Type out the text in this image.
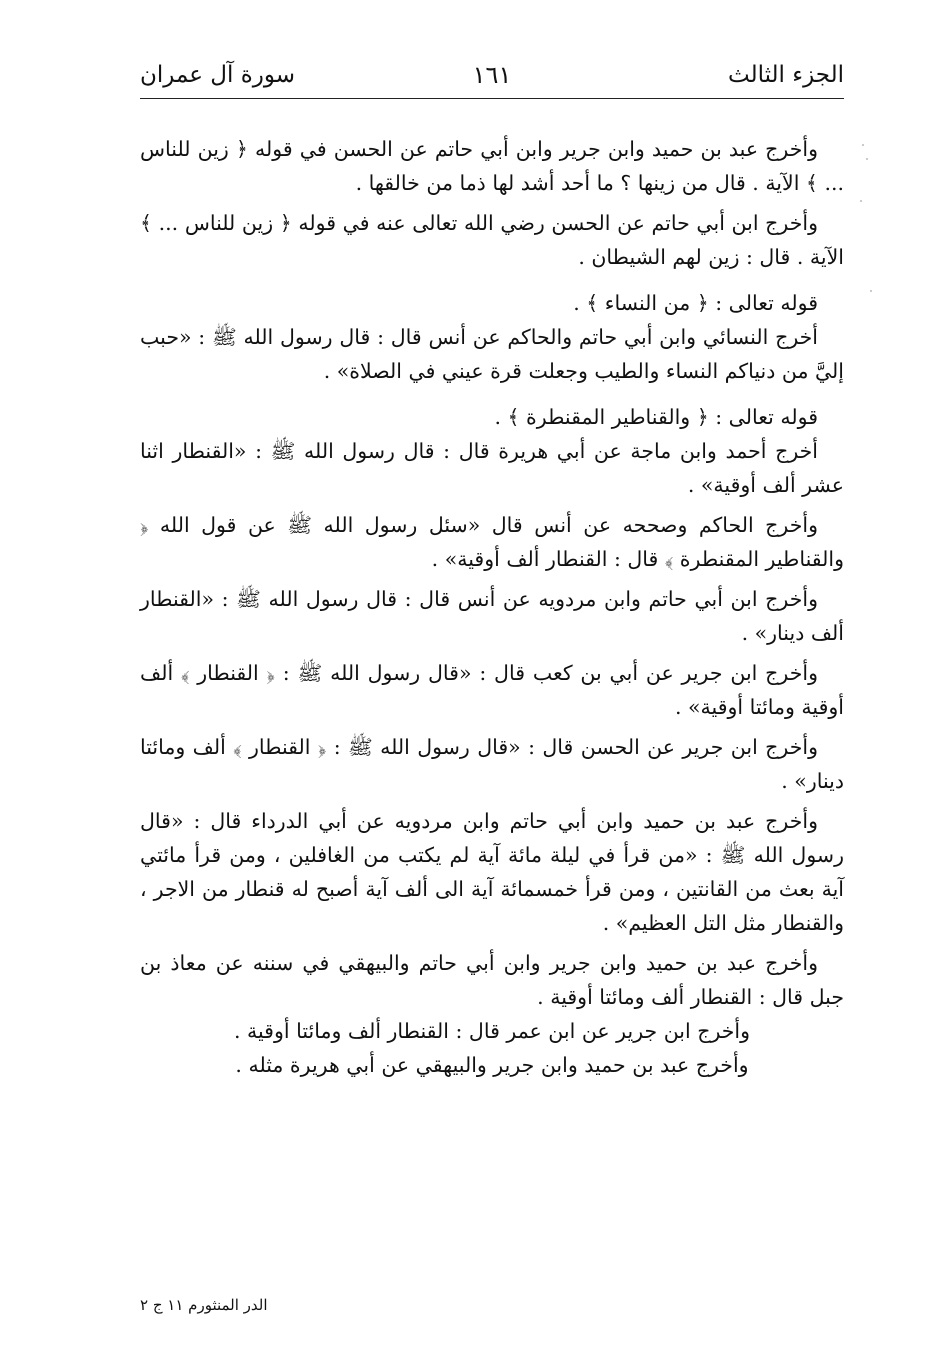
الجزء الثالث
١٦١
سورة آل عمران

وأخرج عبد بن حميد وابن جرير وابن أبي حاتم عن الحسن في قوله ﴿ زين للناس ... ﴾ الآية . قال من زينها ؟ ما أحد أشد لها ذما من خالقها .

وأخرج ابن أبي حاتم عن الحسن رضي الله تعالى عنه في قوله ﴿ زين للناس ... ﴾ الآية . قال : زين لهم الشيطان .

قوله تعالى : ﴿ من النساء ﴾ .

أخرج النسائي وابن أبي حاتم والحاكم عن أنس قال : قال رسول الله ﷺ : «حبب إليَّ من دنياكم النساء والطيب وجعلت قرة عيني في الصلاة» .

قوله تعالى : ﴿ والقناطير المقنطرة ﴾ .

أخرج أحمد وابن ماجة عن أبي هريرة قال : قال رسول الله ﷺ : «القنطار اثنا عشر ألف أوقية» .

وأخرج الحاكم وصححه عن أنس قال «سئل رسول الله ﷺ عن قول الله ﴿ والقناطير المقنطرة ﴾ قال : القنطار ألف أوقية» .

وأخرج ابن أبي حاتم وابن مردويه عن أنس قال : قال رسول الله ﷺ : «القنطار ألف دينار» .

وأخرج ابن جرير عن أبي بن كعب قال : «قال رسول الله ﷺ : ﴿ القنطار ﴾ ألف أوقية ومائتا أوقية» .

وأخرج ابن جرير عن الحسن قال : «قال رسول الله ﷺ : ﴿ القنطار ﴾ ألف ومائتا دينار» .

وأخرج عبد بن حميد وابن أبي حاتم وابن مردويه عن أبي الدرداء قال : «قال رسول الله ﷺ : «من قرأ في ليلة مائة آية لم يكتب من الغافلين ، ومن قرأ مائتي آية بعث من القانتين ، ومن قرأ خمسمائة آية الى ألف آية أصبح له قنطار من الاجر ، والقنطار مثل التل العظيم» .

وأخرج عبد بن حميد وابن جرير وابن أبي حاتم والبيهقي في سننه عن معاذ بن جبل قال : القنطار ألف ومائتا أوقية .

وأخرج ابن جرير عن ابن عمر قال : القنطار ألف ومائتا أوقية .

وأخرج عبد بن حميد وابن جرير والبيهقي عن أبي هريرة مثله .

الدر المنثورم ١١ ج ٢
